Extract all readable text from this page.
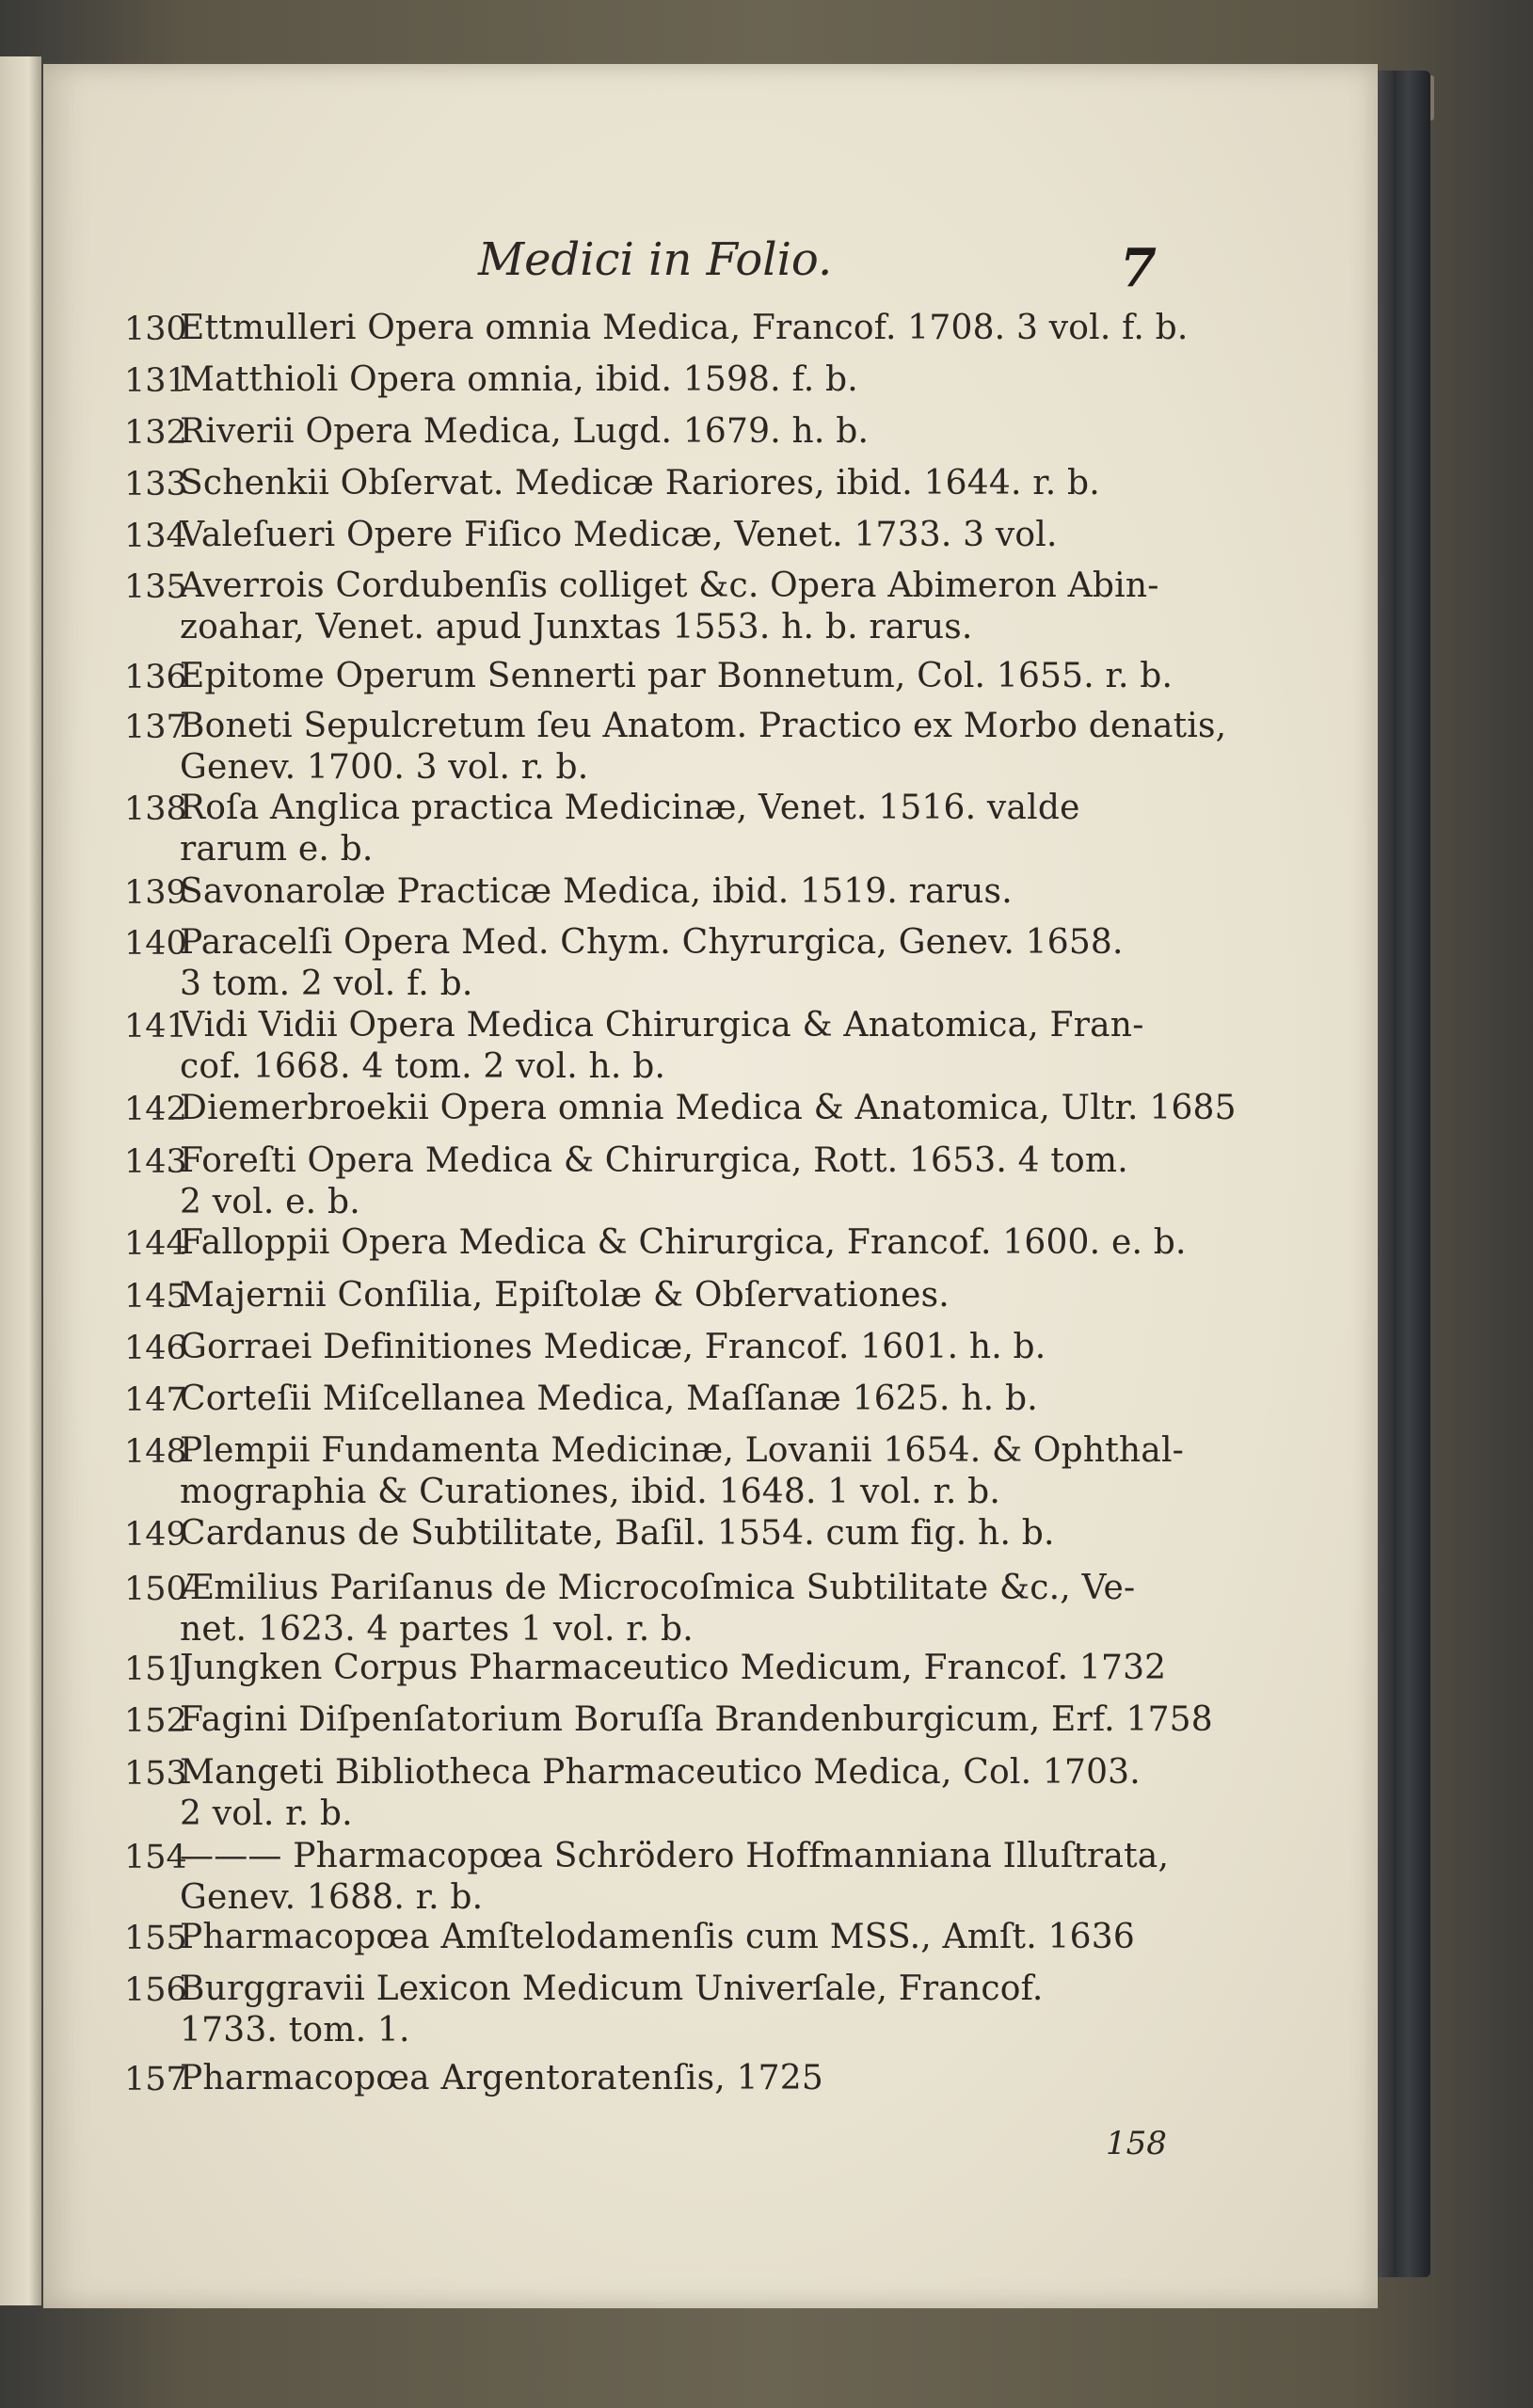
Medici in Folio.	7
130
Ettmulleri Opera omnia Medica, Francof. 1708. 3 vol. f. b.
131
Matthioli Opera omnia, ibid. 1598. f. b.
132
Riverii Opera Medica, Lugd. 1679. h. b.
133
Schenkii Obſervat. Medicæ Rariores, ibid. 1644. r. b.
134
Valeſueri Opere Fiſico Medicæ, Venet. 1733. 3 vol.
135
Averrois Cordubenſis colliget &c. Opera Abimeron Abin-
zoahar, Venet. apud Junxtas 1553. h. b. rarus.
136
Epitome Operum Sennerti par Bonnetum, Col. 1655. r. b.
137
Boneti Sepulcretum ſeu Anatom. Practico ex Morbo denatis,
Genev. 1700. 3 vol. r. b.
138
Roſa Anglica practica Medicinæ, Venet. 1516. valde
rarum e. b.
139
Savonarolæ Practicæ Medica, ibid. 1519. rarus.
140
Paracelſi Opera Med. Chym. Chyrurgica, Genev. 1658.
3 tom. 2 vol. f. b.
141
Vidi Vidii Opera Medica Chirurgica & Anatomica, Fran-
cof. 1668. 4 tom. 2 vol. h. b.
142
Diemerbroekii Opera omnia Medica & Anatomica, Ultr. 1685
143
Foreſti Opera Medica & Chirurgica, Rott. 1653. 4 tom.
2 vol. e. b.
144
Falloppii Opera Medica & Chirurgica, Francof. 1600. e. b.
145
Majernii Conſilia, Epiſtolæ & Obſervationes.
146
Gorraei Definitiones Medicæ, Francof. 1601. h. b.
147
Corteſii Miſcellanea Medica, Maſſanæ 1625. h. b.
148
Plempii Fundamenta Medicinæ, Lovanii 1654. & Ophthal-
mographia & Curationes, ibid. 1648. 1 vol. r. b.
149
Cardanus de Subtilitate, Baſil. 1554. cum fig. h. b.
150
Æmilius Pariſanus de Microcoſmica Subtilitate &c., Ve-
net. 1623. 4 partes 1 vol. r. b.
151
Jungken Corpus Pharmaceutico Medicum, Francof. 1732
152
Fagini Diſpenſatorium Boruſſa Brandenburgicum, Erf. 1758
153
Mangeti Bibliotheca Pharmaceutico Medica, Col. 1703.
2 vol. r. b.
154
——— Pharmacopœa Schrödero Hoffmanniana Illuſtrata,
Genev. 1688. r. b.
155
Pharmacopœa Amſtelodamenſis cum MSS., Amſt. 1636
156
Burggravii Lexicon Medicum Univerſale, Francof.
1733. tom. 1.
157
Pharmacopœa Argentoratenſis, 1725
158
